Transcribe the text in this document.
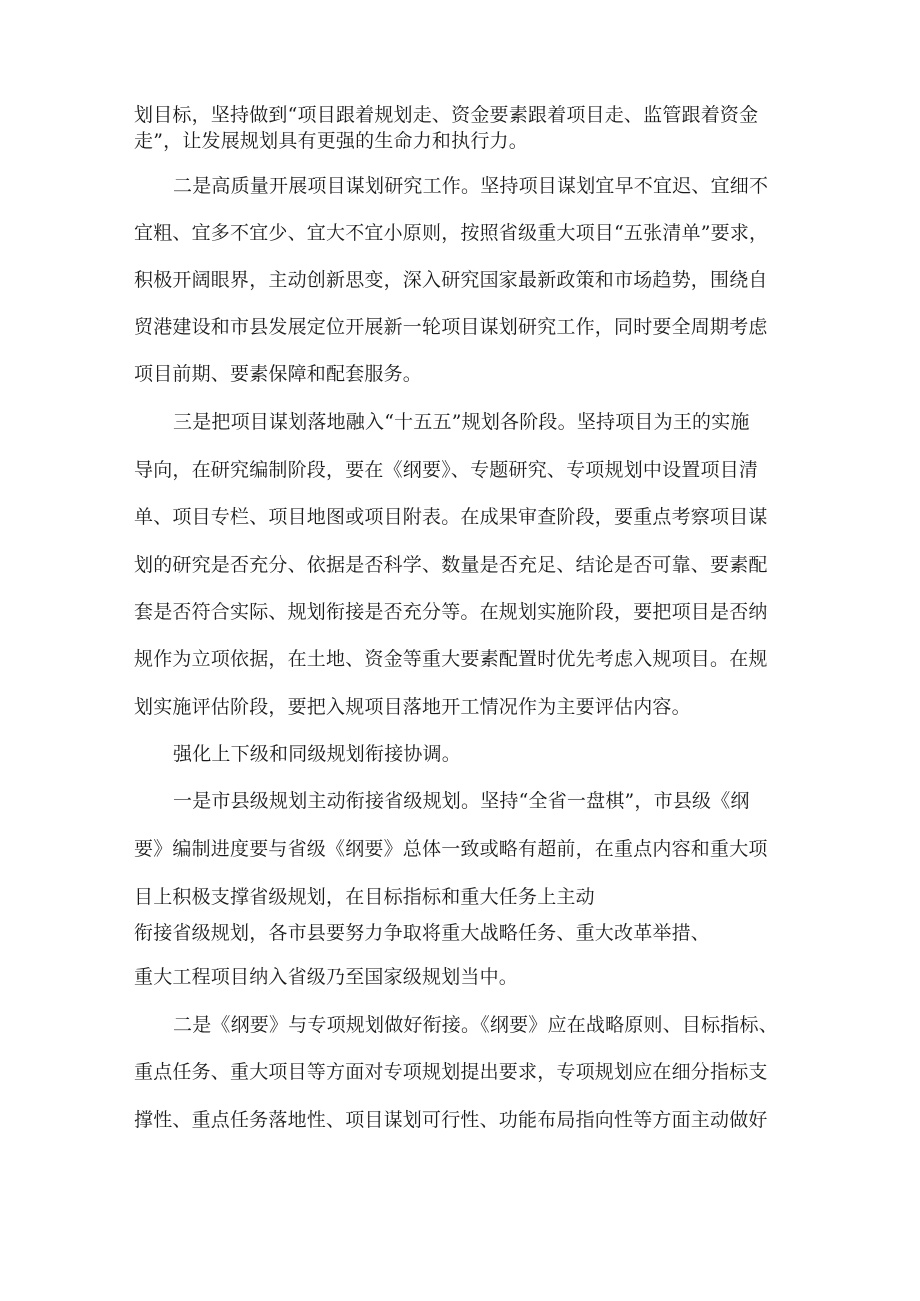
划目标，坚持做到“项目跟着规划走、资金要素跟着项目走、监管跟着资金
走”，让发展规划具有更强的生命力和执行力。
二是高质量开展项目谋划研究工作。坚持项目谋划宜早不宜迟、宜细不
宜粗、宜多不宜少、宜大不宜小原则，按照省级重大项目“五张清单”要求，
积极开阔眼界，主动创新思变，深入研究国家最新政策和市场趋势，围绕自
贸港建设和市县发展定位开展新一轮项目谋划研究工作，同时要全周期考虑
项目前期、要素保障和配套服务。
三是把项目谋划落地融入“十五五”规划各阶段。坚持项目为王的实施
导向，在研究编制阶段，要在《纲要》、专题研究、专项规划中设置项目清
单、项目专栏、项目地图或项目附表。在成果审查阶段，要重点考察项目谋
划的研究是否充分、依据是否科学、数量是否充足、结论是否可靠、要素配
套是否符合实际、规划衔接是否充分等。在规划实施阶段，要把项目是否纳
规作为立项依据，在土地、资金等重大要素配置时优先考虑入规项目。在规
划实施评估阶段，要把入规项目落地开工情况作为主要评估内容。
强化上下级和同级规划衔接协调。
一是市县级规划主动衔接省级规划。坚持“全省一盘棋”，市县级《纲
要》编制进度要与省级《纲要》总体一致或略有超前，在重点内容和重大项
目上积极支撑省级规划，在目标指标和重大任务上主动
衔接省级规划，各市县要努力争取将重大战略任务、重大改革举措、
重大工程项目纳入省级乃至国家级规划当中。
二是《纲要》与专项规划做好衔接。《纲要》应在战略原则、目标指标、
重点任务、重大项目等方面对专项规划提出要求，专项规划应在细分指标支
撑性、重点任务落地性、项目谋划可行性、功能布局指向性等方面主动做好
